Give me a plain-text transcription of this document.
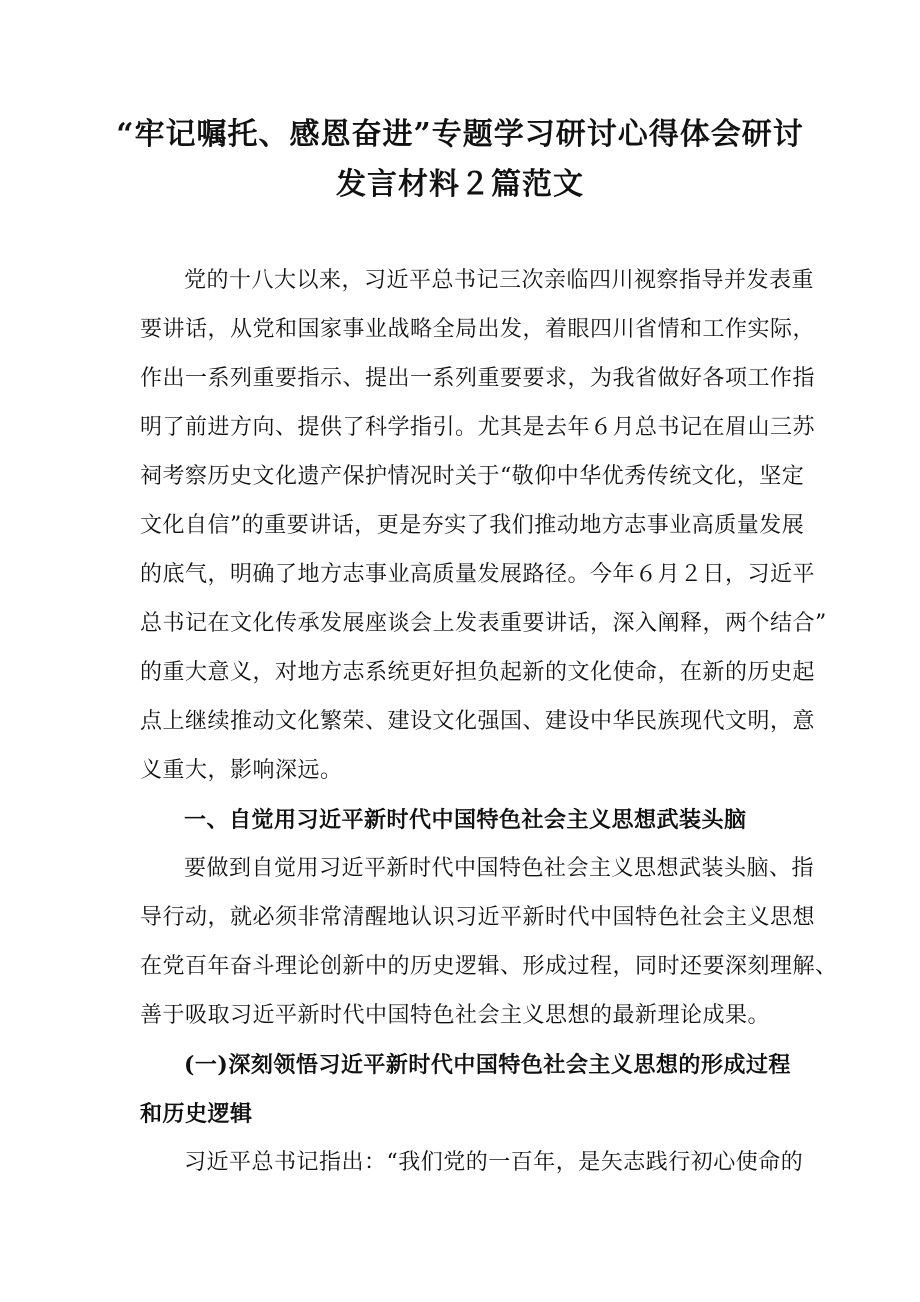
“牢记嘱托、感恩奋进”专题学习研讨心得体会研讨
发言材料２篇范文
党的十八大以来，习近平总书记三次亲临四川视察指导并发表重
要讲话，从党和国家事业战略全局出发，着眼四川省情和工作实际，
作出一系列重要指示、提出一系列重要要求，为我省做好各项工作指
明了前进方向、提供了科学指引。尤其是去年６月总书记在眉山三苏
祠考察历史文化遗产保护情况时关于“敬仰中华优秀传统文化，坚定
文化自信”的重要讲话，更是夯实了我们推动地方志事业高质量发展
的底气，明确了地方志事业高质量发展路径。今年６月２日，习近平
总书记在文化传承发展座谈会上发表重要讲话，深入阐释，两个结合”
的重大意义，对地方志系统更好担负起新的文化使命，在新的历史起
点上继续推动文化繁荣、建设文化强国、建设中华民族现代文明，意
义重大，影响深远。
一、自觉用习近平新时代中国特色社会主义思想武装头脑
要做到自觉用习近平新时代中国特色社会主义思想武装头脑、指
导行动，就必须非常清醒地认识习近平新时代中国特色社会主义思想
在党百年奋斗理论创新中的历史逻辑、形成过程，同时还要深刻理解、
善于吸取习近平新时代中国特色社会主义思想的最新理论成果。
(一)深刻领悟习近平新时代中国特色社会主义思想的形成过程
和历史逻辑
习近平总书记指出：“我们党的一百年，是矢志践行初心使命的
